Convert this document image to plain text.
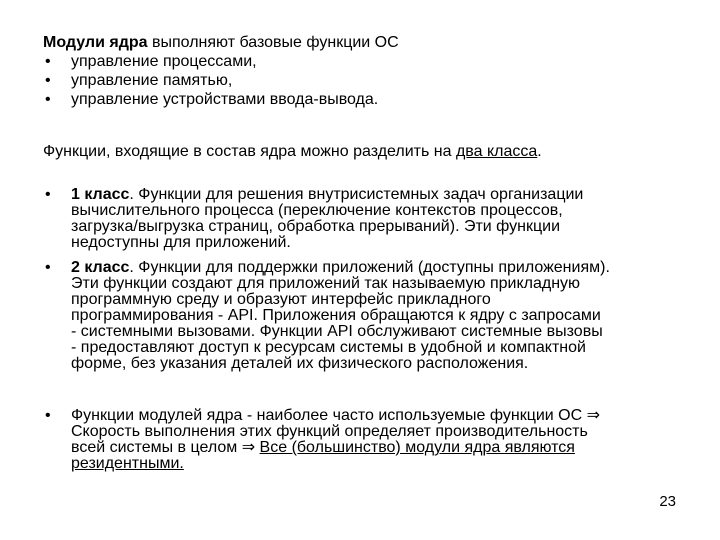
Модули ядра выполняют базовые функции ОС
• управление процессами,
• управление памятью,
• управление устройствами ввода-вывода.
Функции, входящие в состав ядра можно разделить на два класса.
• 1 класс. Функции для решения внутрисистемных задач организации
вычислительного процесса (переключение контекстов процессов,
загрузка/выгрузка страниц, обработка прерываний). Эти функции
недоступны для приложений.
• 2 класс. Функции для поддержки приложений (доступны приложениям).
Эти функции создают для приложений так называемую прикладную
программную среду и образуют интерфейс прикладного
программирования - API. Приложения обращаются к ядру с запросами
- системными вызовами. Функции API обслуживают системные вызовы
- предоставляют доступ к ресурсам системы в удобной и компактной
форме, без указания деталей их физического расположения.
• Функции модулей ядра - наиболее часто используемые функции ОС ⇒
Скорость выполнения этих функций определяет производительность
всей системы в целом ⇒ Все (большинство) модули ядра являются
резидентными.
23
